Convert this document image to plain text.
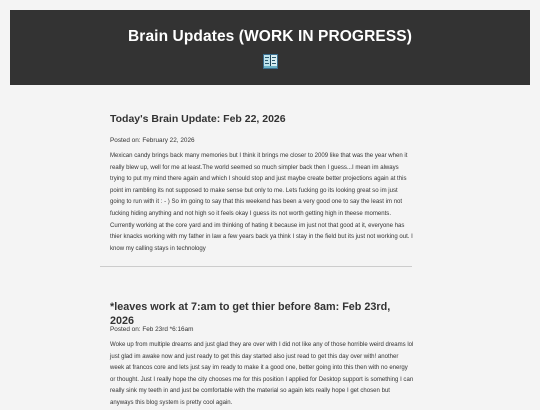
Brain Updates (WORK IN PROGRESS)
Today's Brain Update: Feb 22, 2026

Posted on: February 22, 2026

Mexican candy brings back many memories but I think it brings me closer to 2009 like that was the year when it really blew up, well for me at least.The world seemed so much simpler back then I guess...I mean im always trying to put my mind there again and which I should stop and just maybe create better projections again at this point im rambling its not supposed to make sense but only to me. Lets fucking go its looking great so im just going to run with it : - ) So im going to say that this weekend has been a very good one to say the least im not fucking hiding anything and not high so it feels okay I guess its not worth getting high in theese moments. Currently working at the core yard and im thinking of hating it because im just not that good at it, everyone has thier knacks working with my father in law a few years back ya think I stay in the field but its just not working out. I know my calling stays in technology

*leaves work at 7:am to get thier before 8am: Feb 23rd, 2026

Posted on: Feb 23rd *6:16am

Woke up from multiple dreams and just glad they are over with I did not like any of those horrible weird dreams lol just glad im awake now and just ready to get this day started also just read to get this day over with! another week at francos core and lets just say im ready to make it a good one, better going into this then with no energy or thought. Just I really hope the city chooses me for this position I applied for Desktop support is something I can really sink my teeth in and just be comfortable with the material so again lets really hope I get chosen but anyways this blog system is pretty cool again.
